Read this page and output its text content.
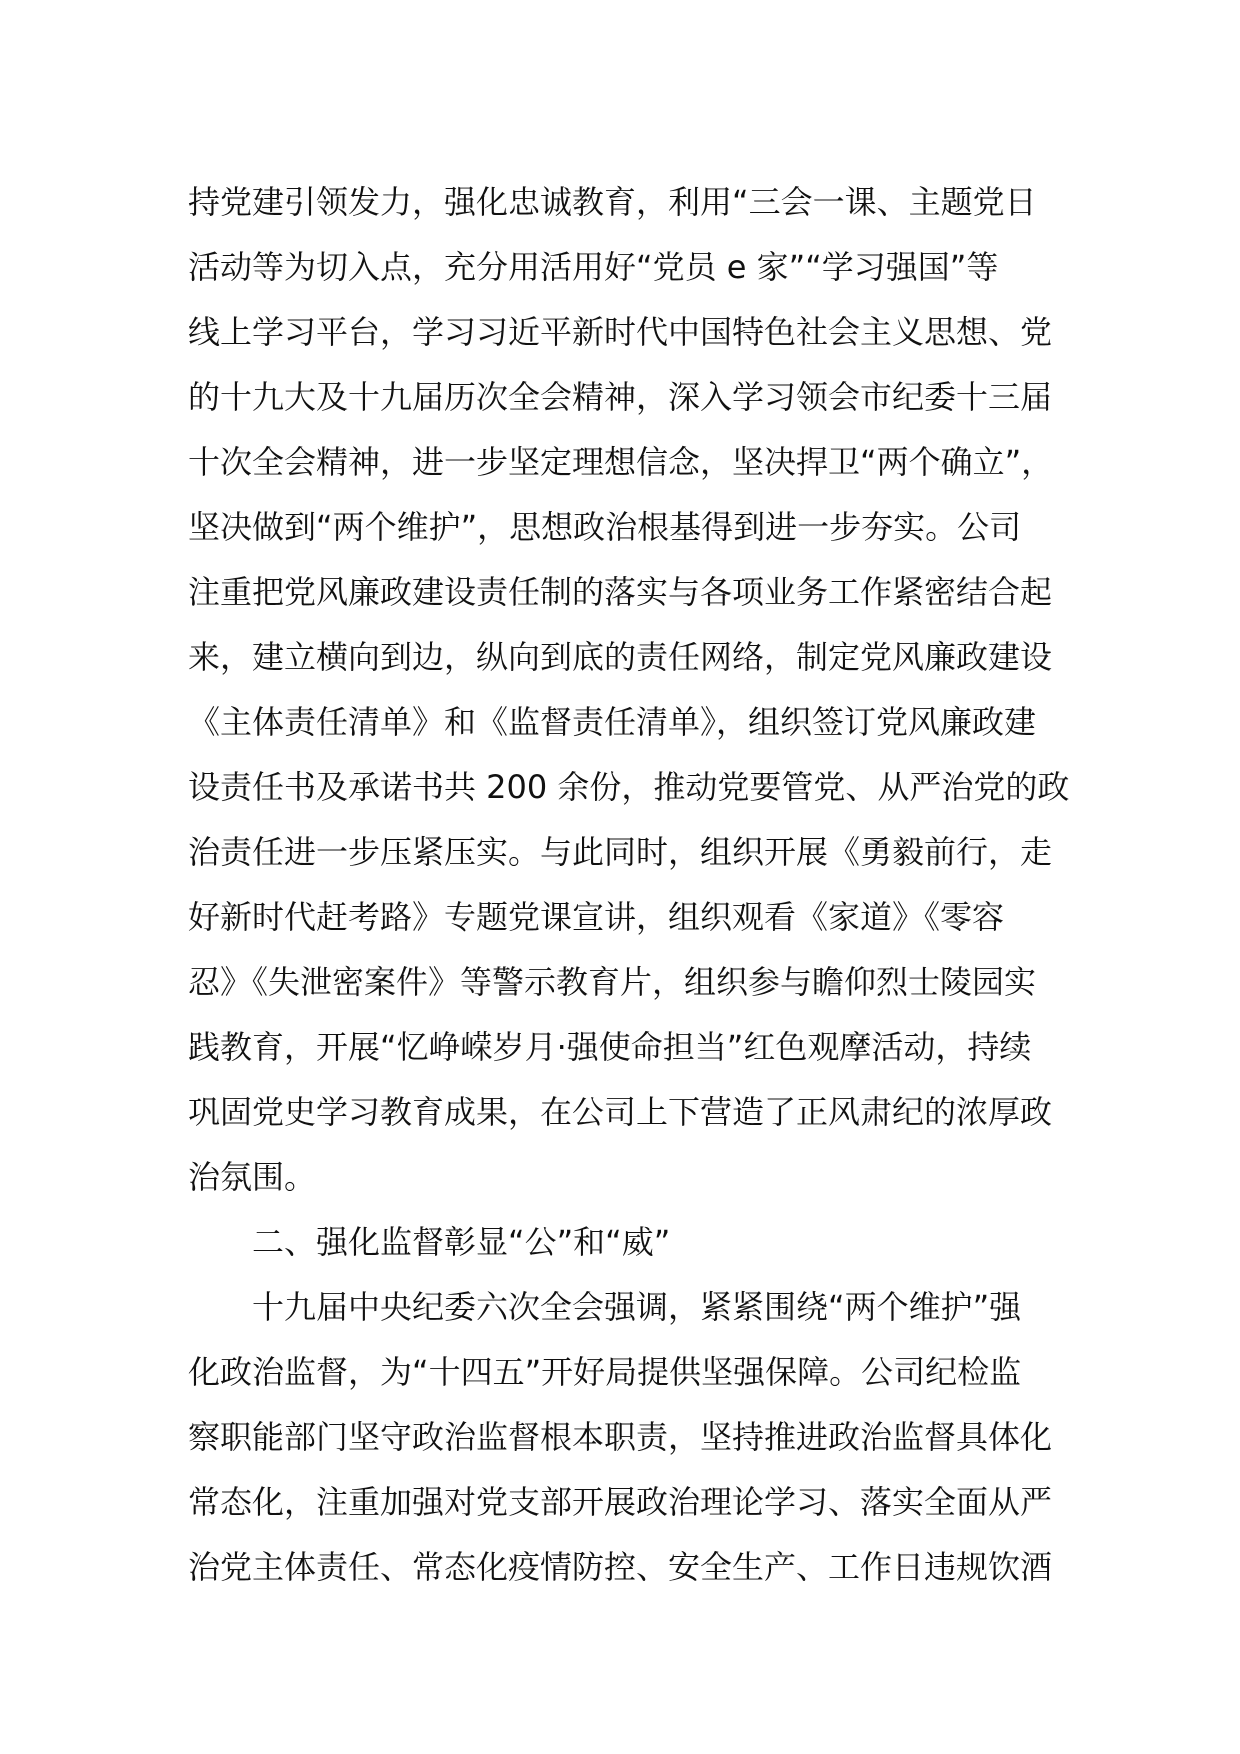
持党建引领发力，强化忠诚教育，利用“三会一课、主题党日
活动等为切入点，充分用活用好“党员 e 家”“学习强国”等
线上学习平台，学习习近平新时代中国特色社会主义思想、党
的十九大及十九届历次全会精神，深入学习领会市纪委十三届
十次全会精神，进一步坚定理想信念，坚决捍卫“两个确立”，
坚决做到“两个维护”，思想政治根基得到进一步夯实。公司
注重把党风廉政建设责任制的落实与各项业务工作紧密结合起
来，建立横向到边，纵向到底的责任网络，制定党风廉政建设
《主体责任清单》和《监督责任清单》，组织签订党风廉政建
设责任书及承诺书共 200 余份，推动党要管党、从严治党的政
治责任进一步压紧压实。与此同时，组织开展《勇毅前行，走
好新时代赶考路》专题党课宣讲，组织观看《家道》《零容
忍》《失泄密案件》等警示教育片，组织参与瞻仰烈士陵园实
践教育，开展“忆峥嵘岁月·强使命担当”红色观摩活动，持续
巩固党史学习教育成果，在公司上下营造了正风肃纪的浓厚政
治氛围。
二、强化监督彰显“公”和“威”
十九届中央纪委六次全会强调，紧紧围绕“两个维护”强
化政治监督，为“十四五”开好局提供坚强保障。公司纪检监
察职能部门坚守政治监督根本职责，坚持推进政治监督具体化
常态化，注重加强对党支部开展政治理论学习、落实全面从严
治党主体责任、常态化疫情防控、安全生产、工作日违规饮酒
